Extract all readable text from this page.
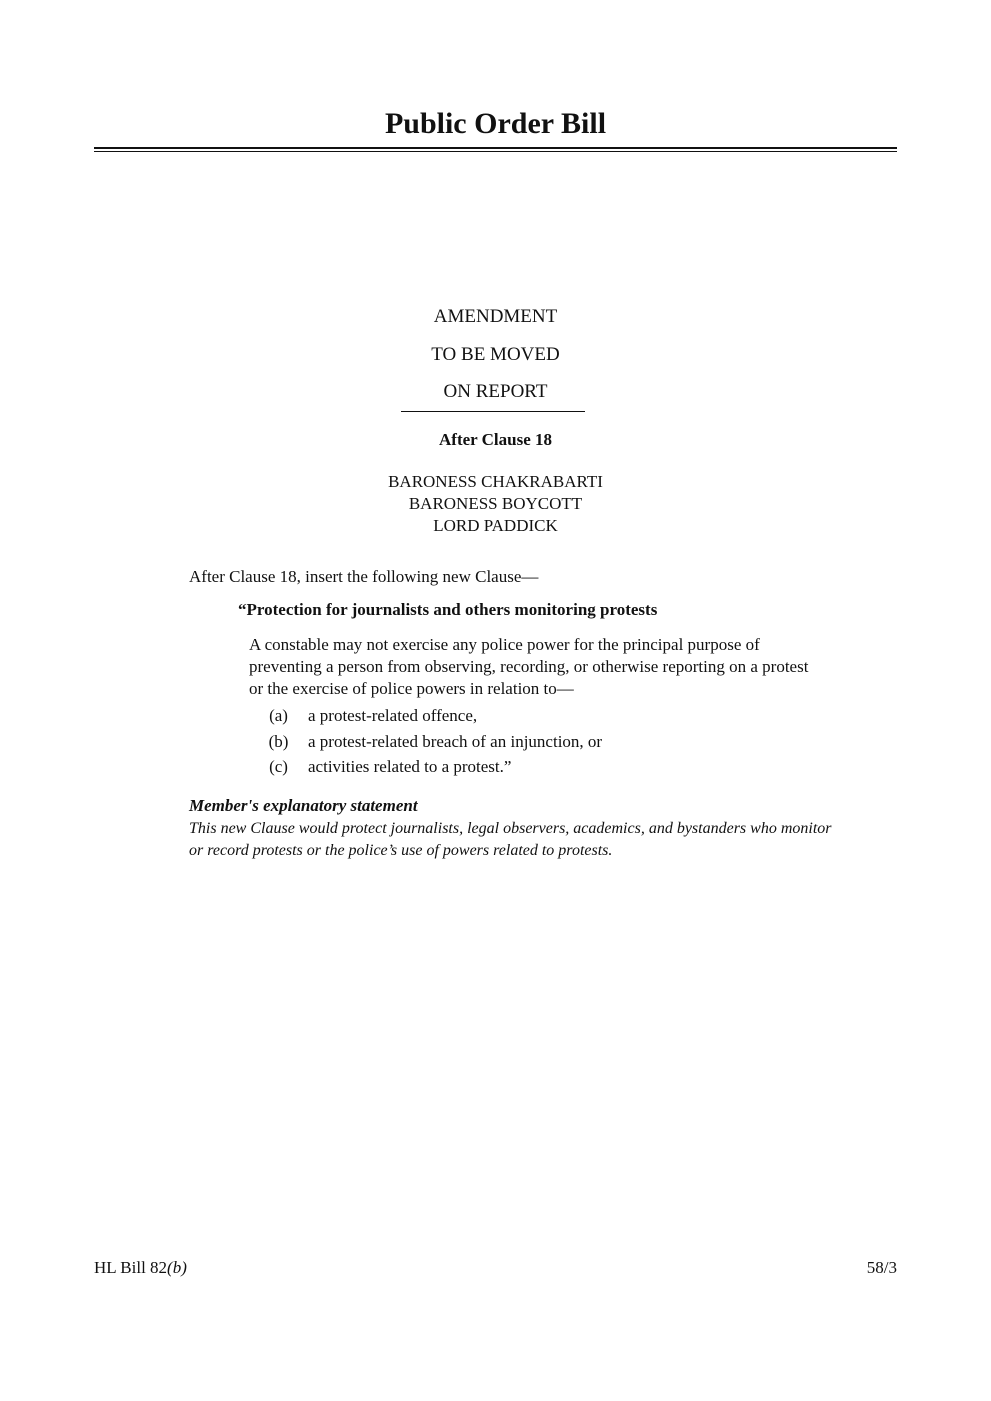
Public Order Bill
AMENDMENT
TO BE MOVED
ON REPORT
After Clause 18
BARONESS CHAKRABARTI
BARONESS BOYCOTT
LORD PADDICK
After Clause 18, insert the following new Clause—
“Protection for journalists and others monitoring protests
A constable may not exercise any police power for the principal purpose of
preventing a person from observing, recording, or otherwise reporting on a protest
or the exercise of police powers in relation to—
(a)	a protest-related offence,
(b)	a protest-related breach of an injunction, or
(c)	activities related to a protest.”
Member's explanatory statement
This new Clause would protect journalists, legal observers, academics, and bystanders who monitor
or record protests or the police’s use of powers related to protests.
HL Bill 82(b)	58/3
